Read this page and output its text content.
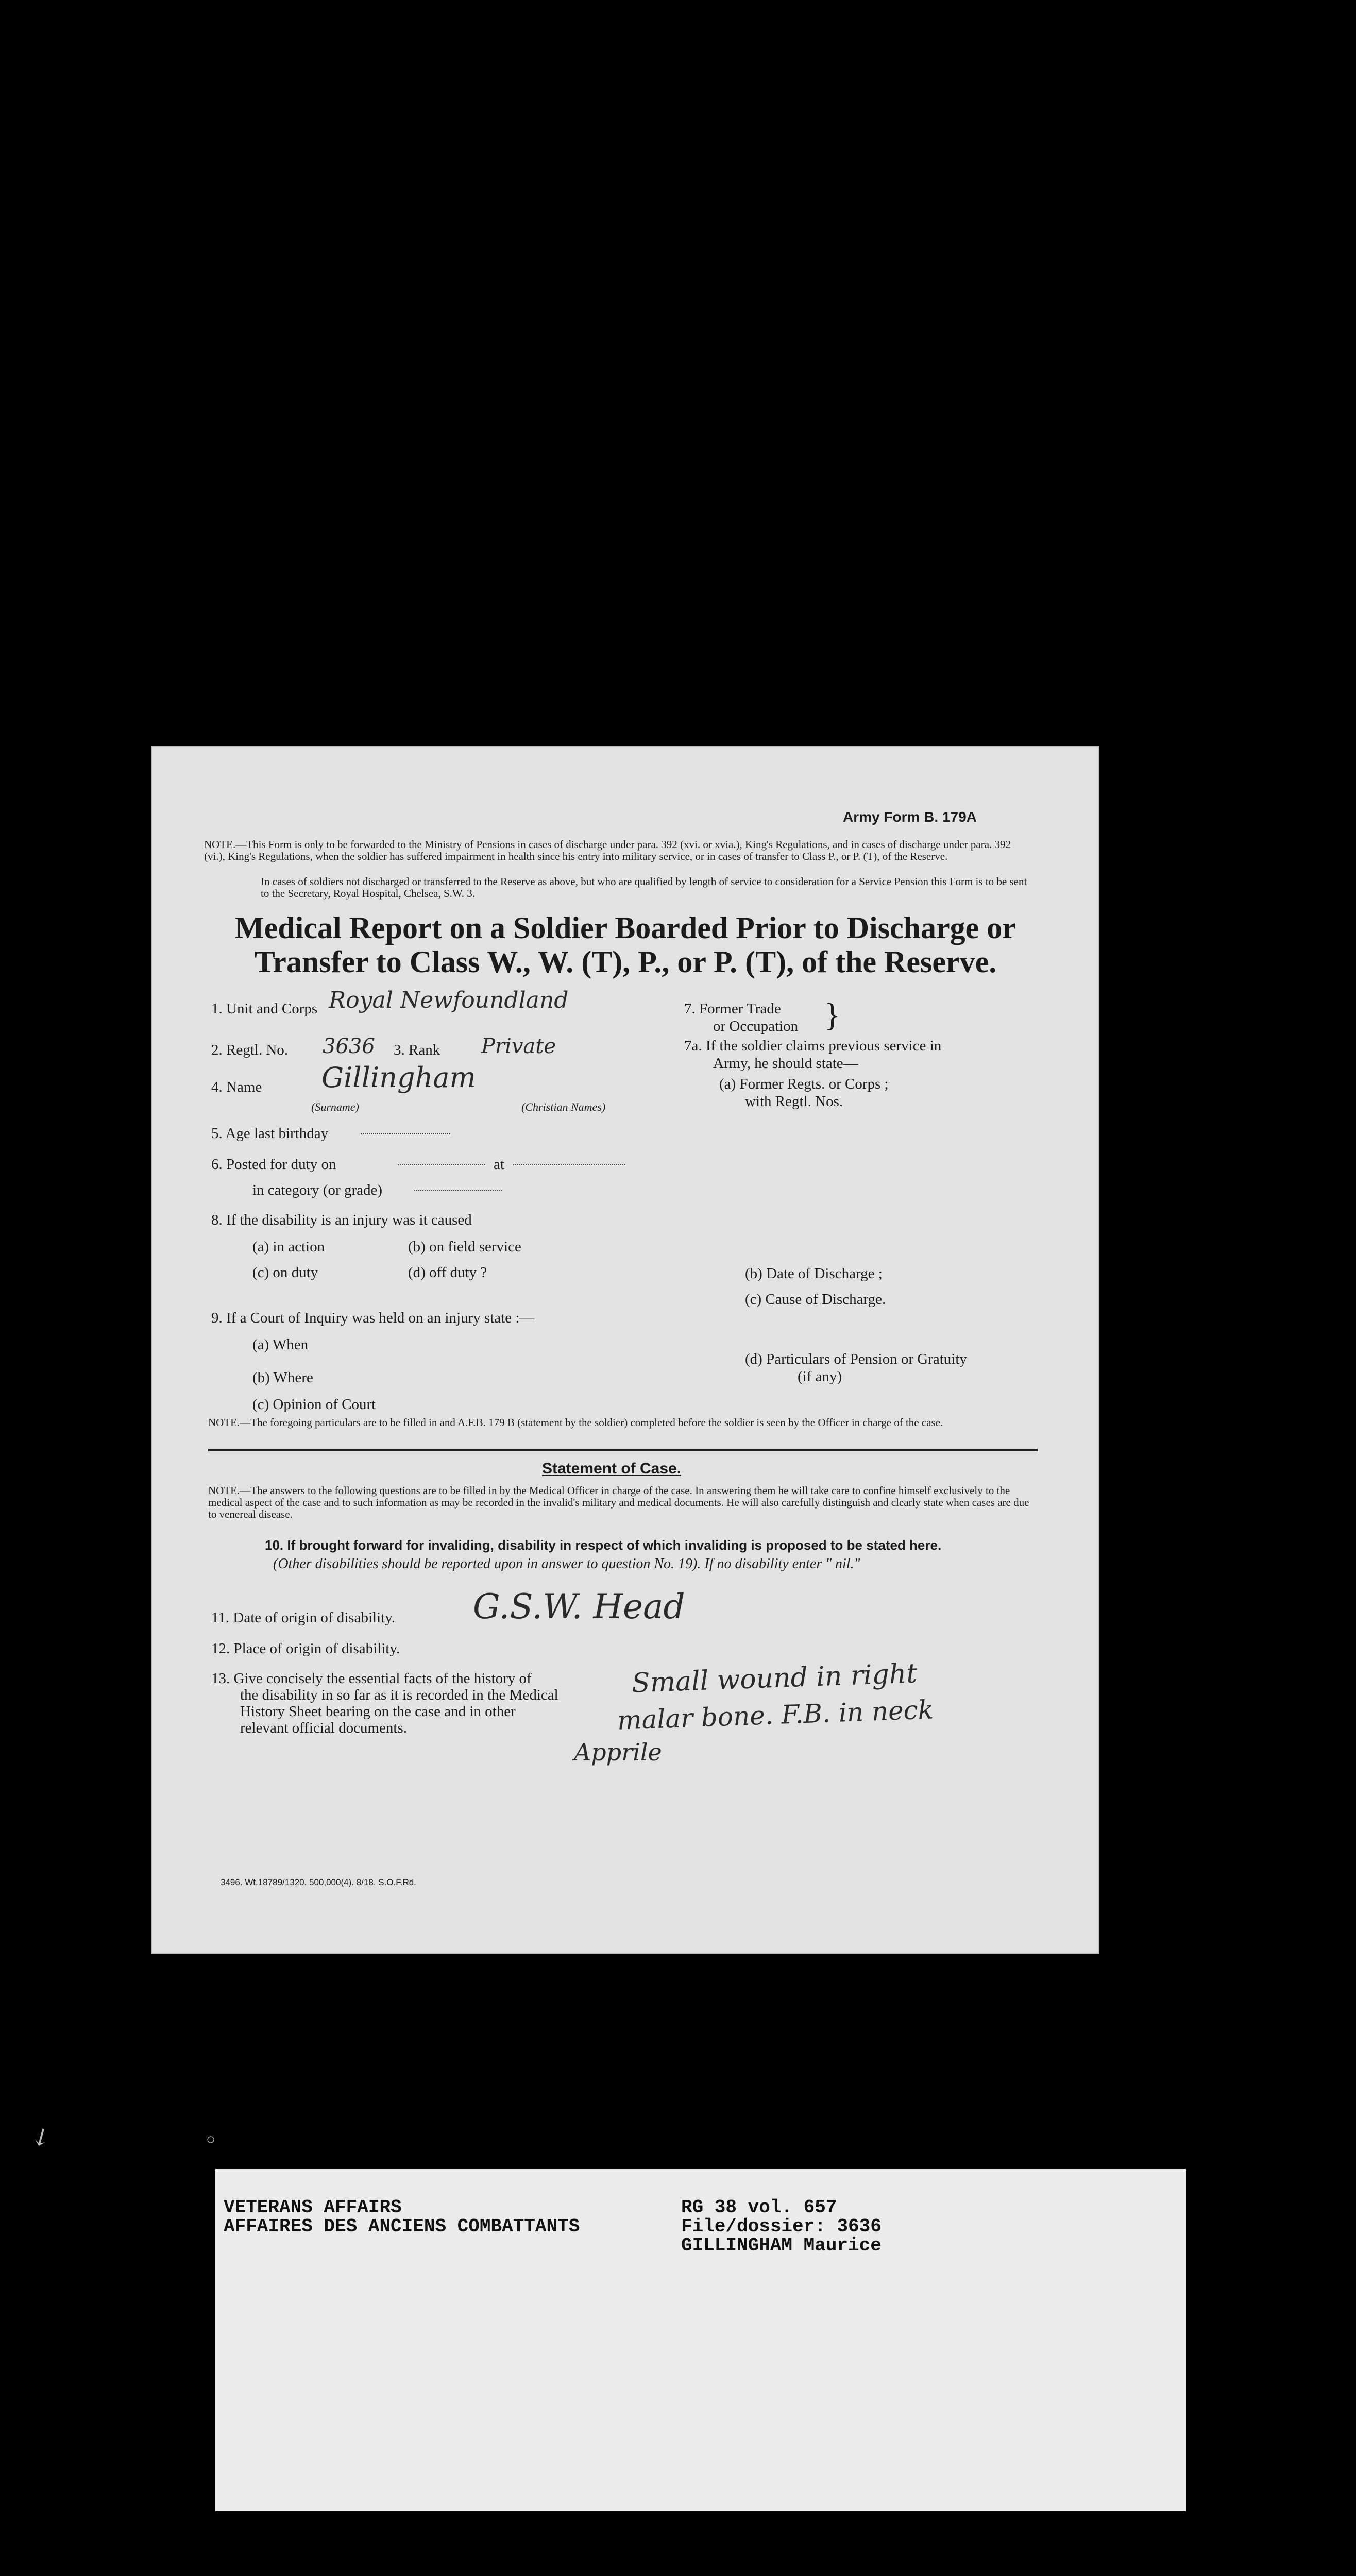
Army Form B. 179A
NOTE.—This Form is only to be forwarded to the Ministry of Pensions in cases of discharge under para. 392 (xvi. or xvia.), King's Regulations, and in cases of discharge under para. 392 (vi.), King's Regulations, when the soldier has suffered impairment in health since his entry into military service, or in cases of transfer to Class P., or P. (T), of the Reserve.
In cases of soldiers not discharged or transferred to the Reserve as above, but who are qualified by length of service to consideration for a Service Pension this Form is to be sent to the Secretary, Royal Hospital, Chelsea, S.W. 3.
Medical Report on a Soldier Boarded Prior to Discharge or
Transfer to Class W., W. (T), P., or P. (T), of the Reserve.
1. Unit and Corps Royal Newfoundland
2. Regtl. No. 3636 3. Rank Private
4. Name Gillingham
(Surname)	(Christian Names)
5. Age last birthday
6. Posted for duty on	at
in category (or grade)
8. If the disability is an injury was it caused
(a) in action	(b) on field service
(c) on duty	(d) off duty ?
9. If a Court of Inquiry was held on an injury state :—
(a) When
(b) Where
(c) Opinion of Court
7. Former Trade
or Occupation }
7a. If the soldier claims previous service in
Army, he should state—
(a) Former Regts. or Corps ;
with Regtl. Nos.
(b) Date of Discharge ;
(c) Cause of Discharge.
(d) Particulars of Pension or Gratuity
(if any)
NOTE.—The foregoing particulars are to be filled in and A.F.B. 179 B (statement by the soldier) completed before the soldier is seen by the Officer in charge of the case.
Statement of Case.
NOTE.—The answers to the following questions are to be filled in by the Medical Officer in charge of the case. In answering them he will take care to confine himself exclusively to the medical aspect of the case and to such information as may be recorded in the invalid's military and medical documents. He will also carefully distinguish and clearly state when cases are due to venereal disease.
10. If brought forward for invaliding, disability in respect of which invaliding is proposed to be stated here.
(Other disabilities should be reported upon in answer to question No. 19). If no disability enter " nil."
11. Date of origin of disability. G.S.W. Head
12. Place of origin of disability.
13. Give concisely the essential facts of the history of
the disability in so far as it is recorded in the Medical
History Sheet bearing on the case and in other
relevant official documents.
Small wound in right
malar bone. F.B. in neck
Apprile
3496. Wt.18789/1320. 500,000(4). 8/18. S.O.F.Rd.
↙	○
VETERANS AFFAIRS
AFFAIRES DES ANCIENS COMBATTANTS
RG 38 vol. 657
File/dossier: 3636
GILLINGHAM Maurice
